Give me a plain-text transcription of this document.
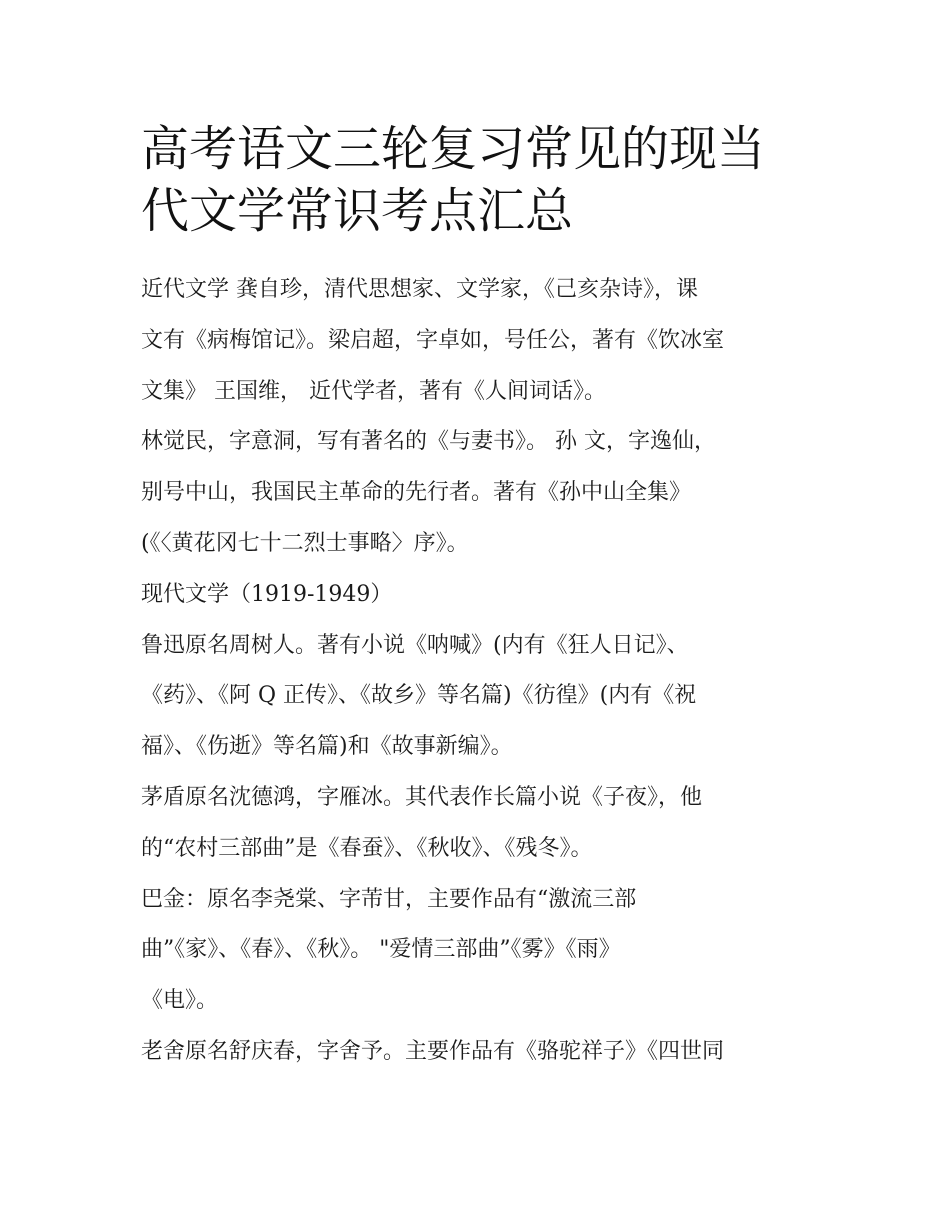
高考语文三轮复习常见的现当
代文学常识考点汇总
近代文学 龚自珍，清代思想家、文学家，《己亥杂诗》，课
文有《病梅馆记》。梁启超，字卓如，号任公，著有《饮冰室
文集》 王国维， 近代学者，著有《人间词话》。
林觉民，字意洞，写有著名的《与妻书》。 孙 文，字逸仙，
别号中山，我国民主革命的先行者。著有《孙中山全集》
(《〈黄花冈七十二烈士事略〉序》。
现代文学（1919-1949）
鲁迅原名周树人。著有小说《呐喊》(内有《狂人日记》、
《药》、《阿 Q 正传》、《故乡》等名篇)《彷徨》(内有《祝
福》、《伤逝》等名篇)和《故事新编》。
茅盾原名沈德鸿，字雁冰。其代表作长篇小说《子夜》，他
的“农村三部曲”是《春蚕》、《秋收》、《残冬》。
巴金：原名李尧棠、字芾甘，主要作品有“激流三部
曲”《家》、《春》、《秋》。 "爱情三部曲”《雾》《雨》
《电》。
老舍原名舒庆春，字舍予。主要作品有《骆驼祥子》《四世同
